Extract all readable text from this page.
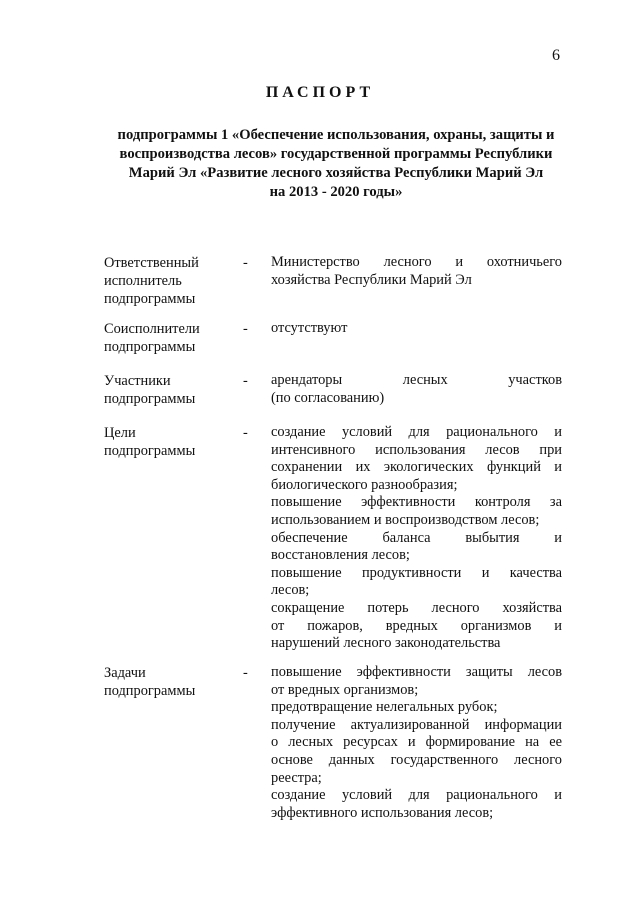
6
ПАСПОРТ
подпрограммы 1 «Обеспечение использования, охраны, защиты и
воспроизводства лесов» государственной программы Республики
Марий Эл «Развитие лесного хозяйства Республики Марий Эл
на 2013 - 2020 годы»
Ответственный
исполнитель
подпрограммы
- Министерство лесного и охотничьего
хозяйства Республики Марий Эл
Соисполнители
подпрограммы
- отсутствуют
Участники
подпрограммы
- арендаторы лесных участков
(по согласованию)
Цели
подпрограммы
- создание условий для рационального и
интенсивного использования лесов при
сохранении их экологических функций и
биологического разнообразия;
повышение эффективности контроля за
использованием и воспроизводством лесов;
обеспечение баланса выбытия и
восстановления лесов;
повышение продуктивности и качества
лесов;
сокращение потерь лесного хозяйства
от пожаров, вредных организмов и
нарушений лесного законодательства
Задачи
подпрограммы
- повышение эффективности защиты лесов
от вредных организмов;
предотвращение нелегальных рубок;
получение актуализированной информации
о лесных ресурсах и формирование на ее
основе данных государственного лесного
реестра;
создание условий для рационального и
эффективного использования лесов;
